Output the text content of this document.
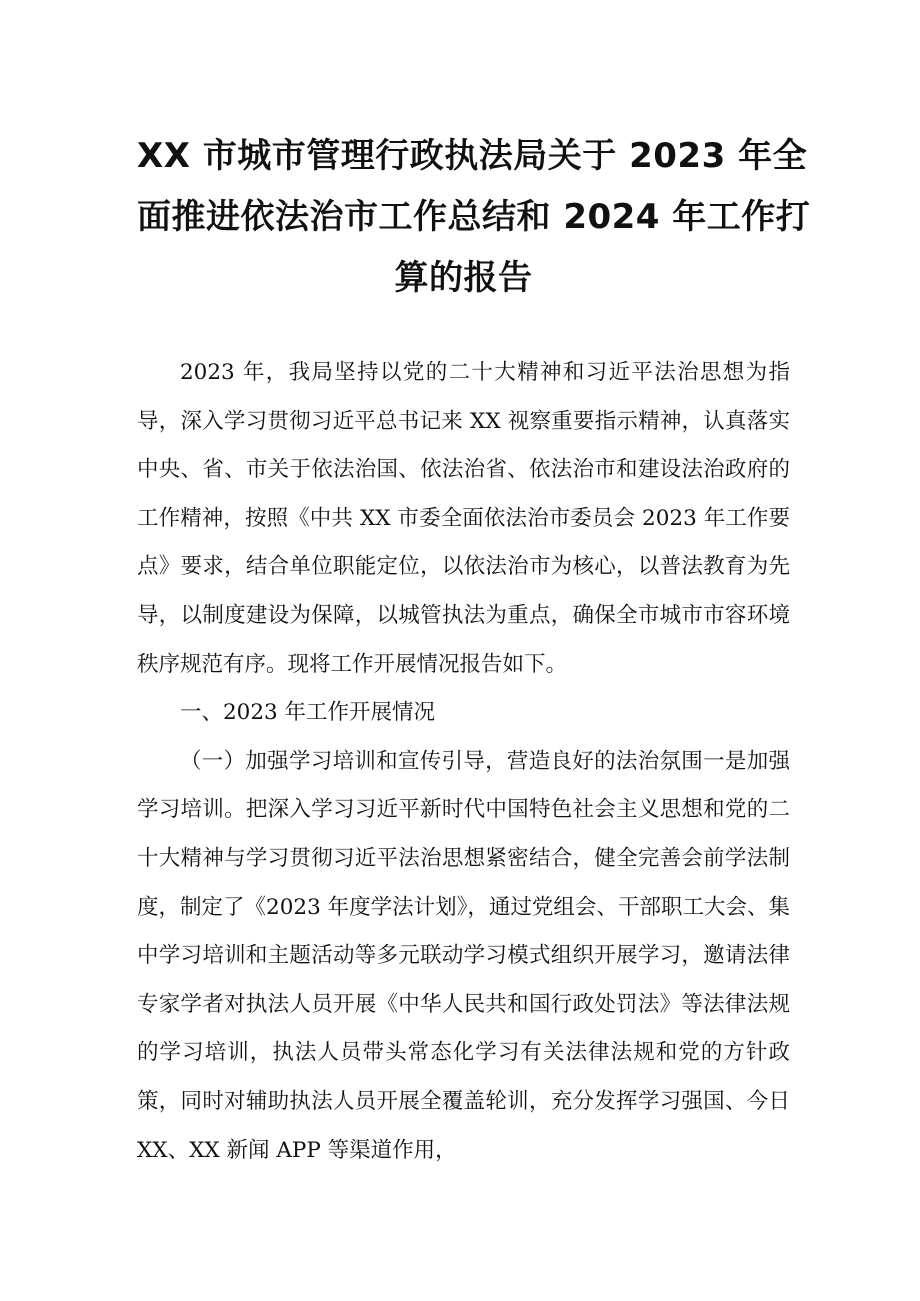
XX 市城市管理行政执法局关于 2023 年全
面推进依法治市工作总结和 2024 年工作打
算的报告

2023 年，我局坚持以党的二十大精神和习近平法治思想为指导，深入学习贯彻习近平总书记来 XX 视察重要指示精神，认真落实中央、省、市关于依法治国、依法治省、依法治市和建设法治政府的工作精神，按照《中共 XX 市委全面依法治市委员会 2023 年工作要点》要求，结合单位职能定位，以依法治市为核心，以普法教育为先导，以制度建设为保障，以城管执法为重点，确保全市城市市容环境秩序规范有序。现将工作开展情况报告如下。

一、2023 年工作开展情况

（一）加强学习培训和宣传引导，营造良好的法治氛围一是加强学习培训。把深入学习习近平新时代中国特色社会主义思想和党的二十大精神与学习贯彻习近平法治思想紧密结合，健全完善会前学法制度，制定了《2023 年度学法计划》，通过党组会、干部职工大会、集中学习培训和主题活动等多元联动学习模式组织开展学习，邀请法律专家学者对执法人员开展《中华人民共和国行政处罚法》等法律法规的学习培训，执法人员带头常态化学习有关法律法规和党的方针政策，同时对辅助执法人员开展全覆盖轮训，充分发挥学习强国、今日 XX、XX 新闻 APP 等渠道作用，
